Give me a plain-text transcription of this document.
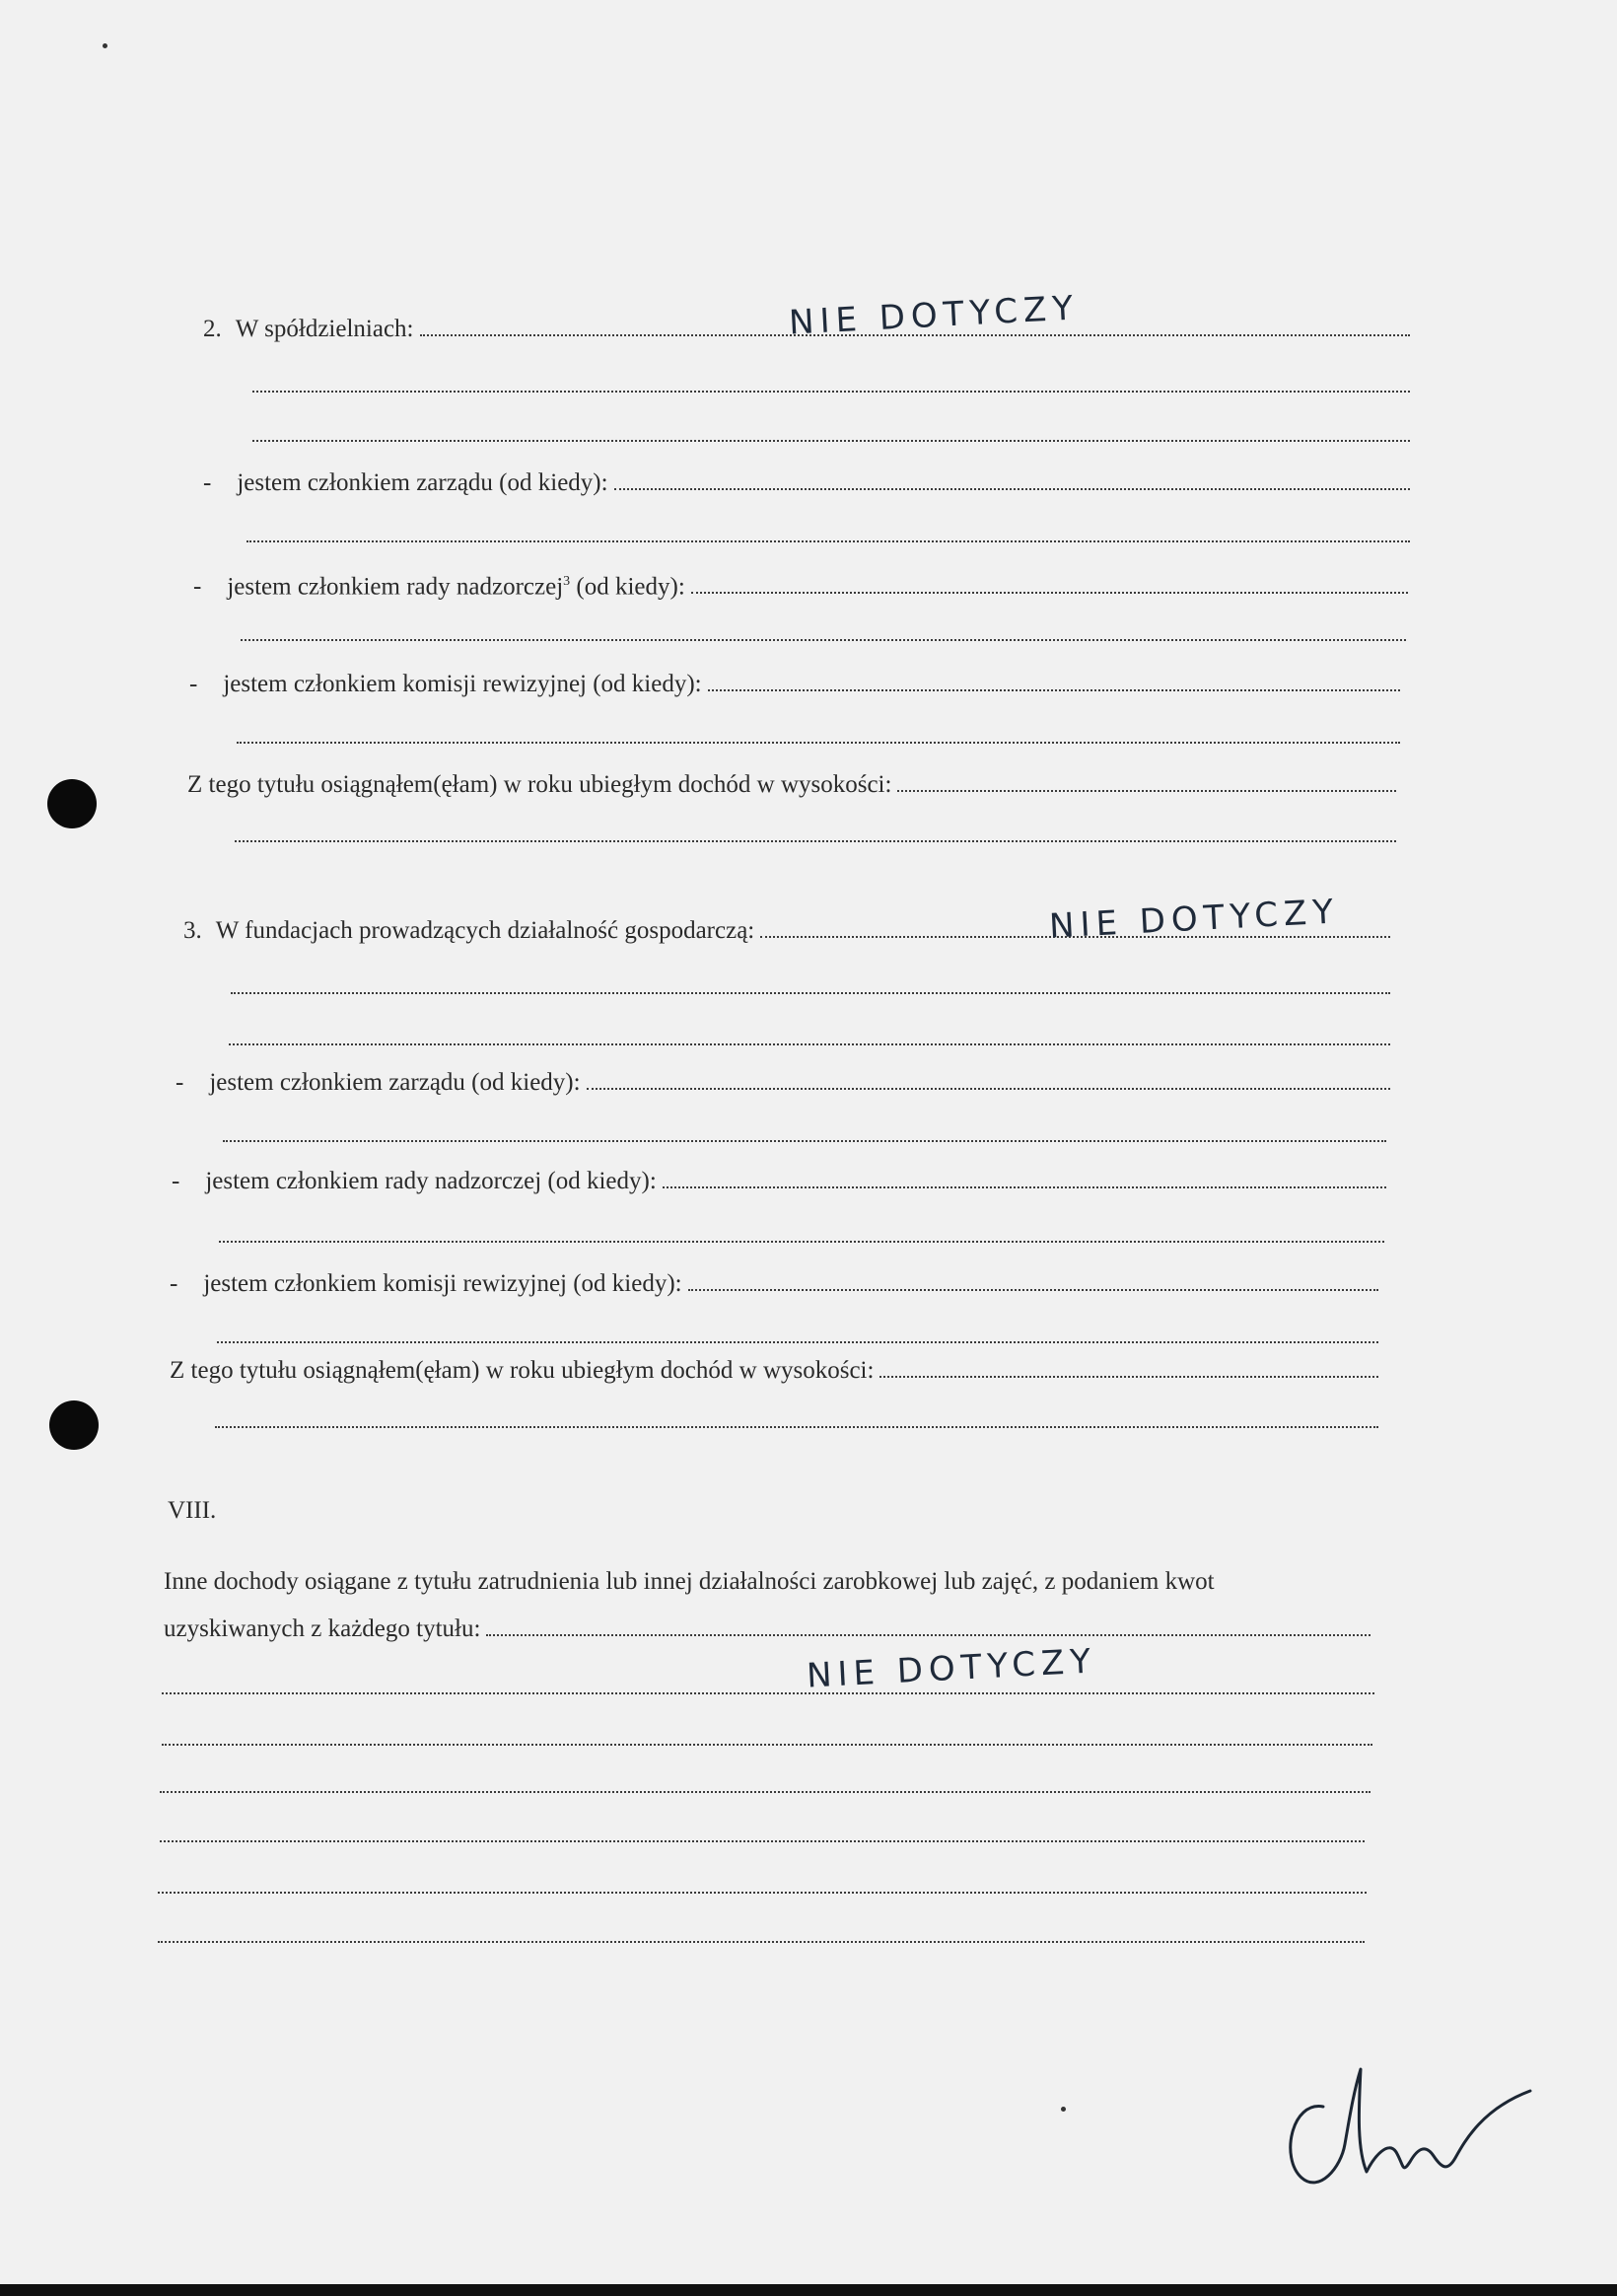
2. W spółdzielniach:	NIE DOTYCZY
- jestem członkiem zarządu (od kiedy):
- jestem członkiem rady nadzorczej$^3$ (od kiedy):
- jestem członkiem komisji rewizyjnej (od kiedy):
Z tego tytułu osiągnąłem(ęłam) w roku ubiegłym dochód w wysokości:
3. W fundacjach prowadzących działalność gospodarczą:	NIE DOTYCZY
- jestem członkiem zarządu (od kiedy):
- jestem członkiem rady nadzorczej (od kiedy):
- jestem członkiem komisji rewizyjnej (od kiedy):
Z tego tytułu osiągnąłem(ęłam) w roku ubiegłym dochód w wysokości:
VIII.
Inne dochody osiągane z tytułu zatrudnienia lub innej działalności zarobkowej lub zajęć, z podaniem kwot
uzyskiwanych z każdego tytułu:
NIE DOTYCZY
